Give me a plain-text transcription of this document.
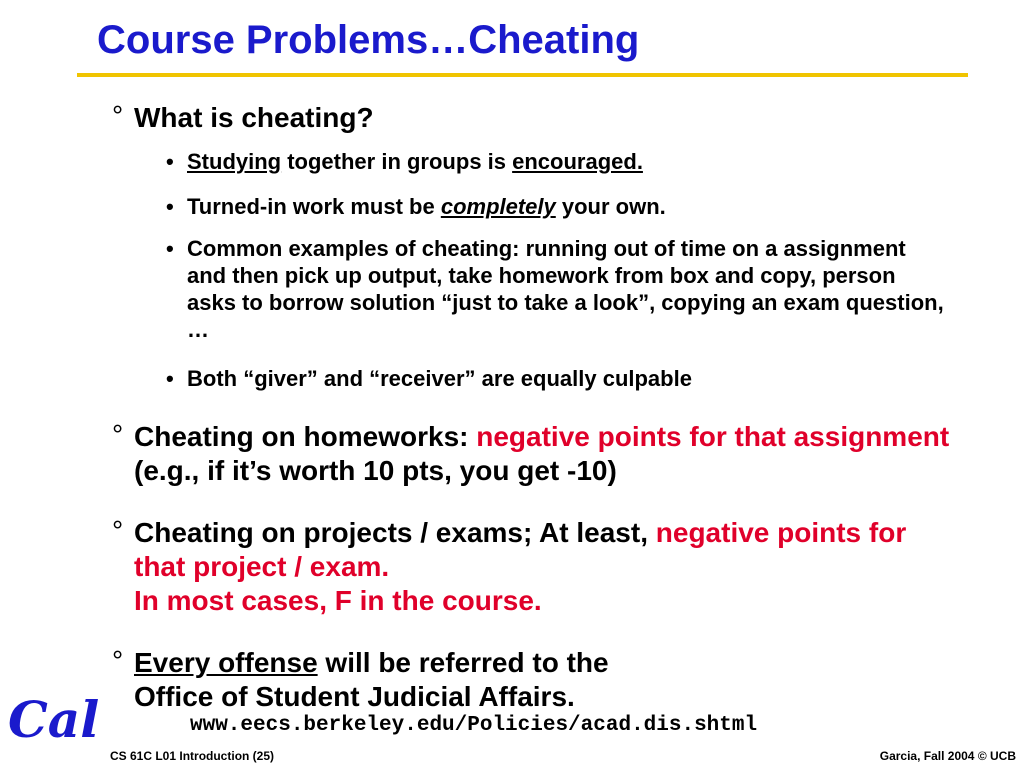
Course Problems…Cheating
° What is cheating?
• Studying together in groups is encouraged.
• Turned-in work must be completely your own.
• Common examples of cheating: running out of time on a assignment and then pick up output, take homework from box and copy, person asks to borrow solution “just to take a look”, copying an exam question, …
• Both “giver” and “receiver” are equally culpable
° Cheating on homeworks: negative points for that assignment (e.g., if it’s worth 10 pts, you get -10)
° Cheating on projects / exams; At least, negative points for that project / exam.
In most cases, F in the course.
° Every offense will be referred to the
Office of Student Judicial Affairs.
www.eecs.berkeley.edu/Policies/acad.dis.shtml
Cal
CS 61C L01 Introduction (25)	Garcia, Fall 2004 © UCB
